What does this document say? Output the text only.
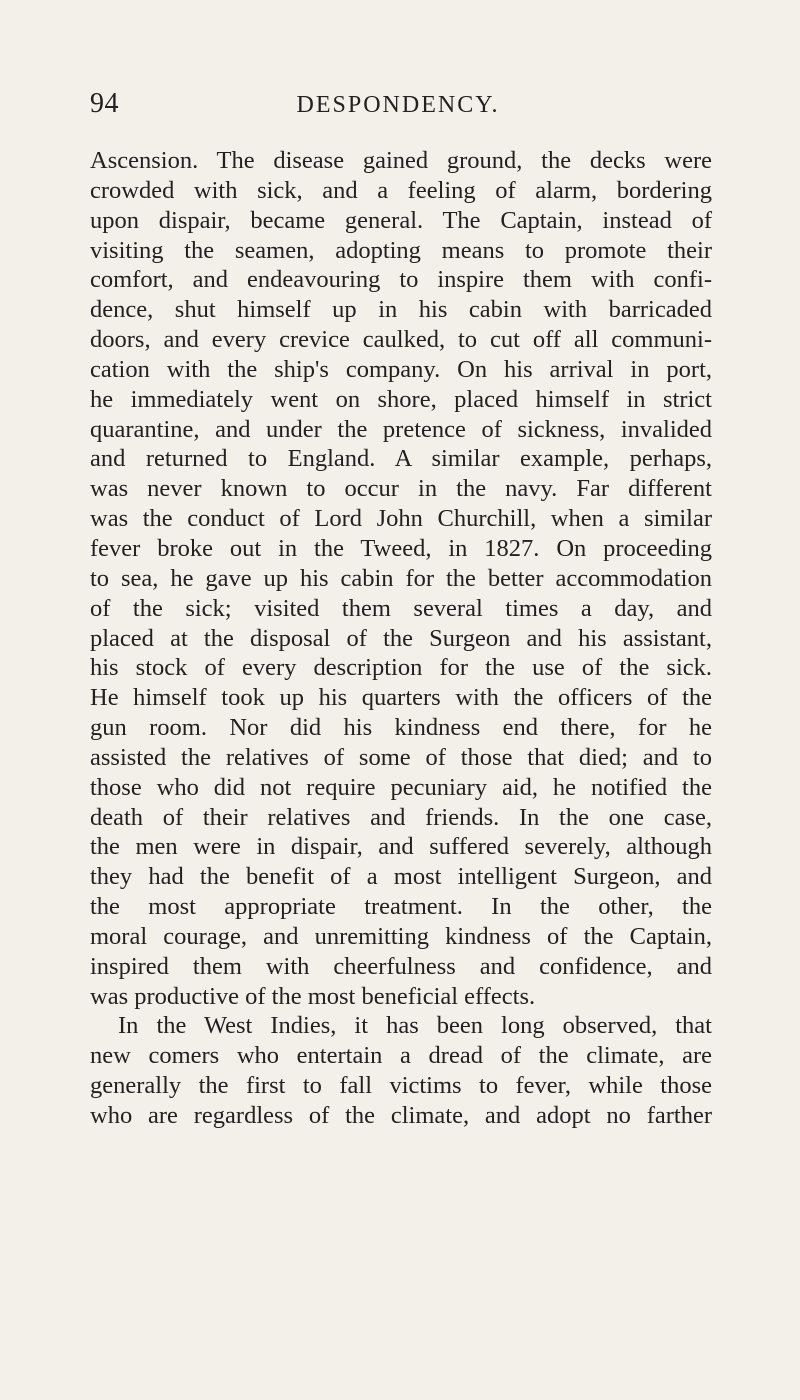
94	DESPONDENCY.
Ascension. The disease gained ground, the decks were
crowded with sick, and a feeling of alarm, bordering
upon dispair, became general. The Captain, instead of
visiting the seamen, adopting means to promote their
comfort, and endeavouring to inspire them with confi-
dence, shut himself up in his cabin with barricaded
doors, and every crevice caulked, to cut off all communi-
cation with the ship's company. On his arrival in port,
he immediately went on shore, placed himself in strict
quarantine, and under the pretence of sickness, invalided
and returned to England. A similar example, perhaps,
was never known to occur in the navy. Far different
was the conduct of Lord John Churchill, when a similar
fever broke out in the Tweed, in 1827. On proceeding
to sea, he gave up his cabin for the better accommodation
of the sick; visited them several times a day, and
placed at the disposal of the Surgeon and his assistant,
his stock of every description for the use of the sick.
He himself took up his quarters with the officers of the
gun room. Nor did his kindness end there, for he
assisted the relatives of some of those that died; and to
those who did not require pecuniary aid, he notified the
death of their relatives and friends. In the one case,
the men were in dispair, and suffered severely, although
they had the benefit of a most intelligent Surgeon, and
the most appropriate treatment. In the other, the
moral courage, and unremitting kindness of the Captain,
inspired them with cheerfulness and confidence, and
was productive of the most beneficial effects.
In the West Indies, it has been long observed, that
new comers who entertain a dread of the climate, are
generally the first to fall victims to fever, while those
who are regardless of the climate, and adopt no farther
